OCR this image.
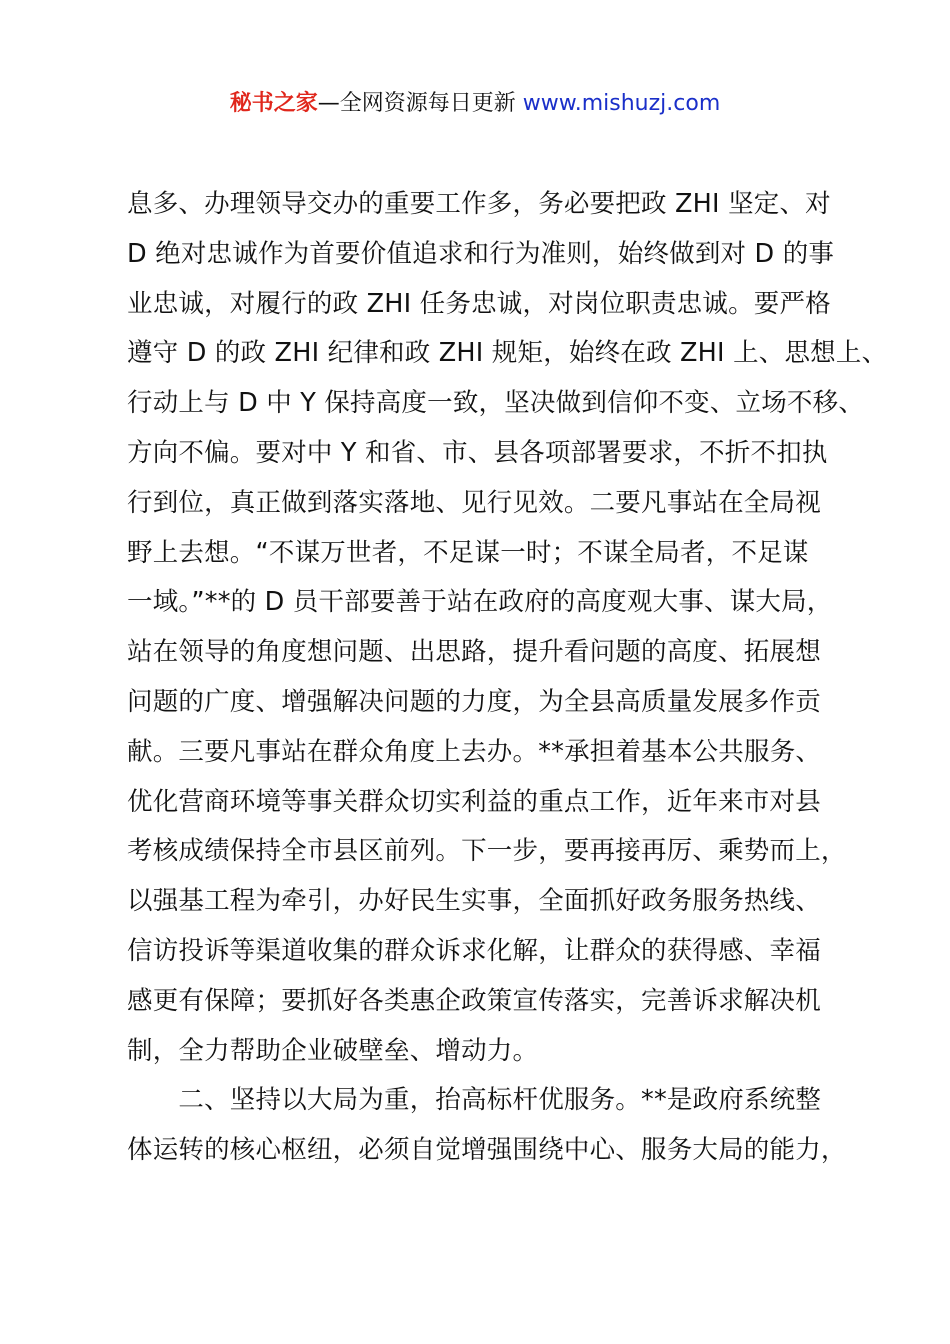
秘书之家—全网资源每日更新 www.mishuzj.com
息多、办理领导交办的重要工作多，务必要把政 ZHI 坚定、对
D 绝对忠诚作为首要价值追求和行为准则，始终做到对 D 的事
业忠诚，对履行的政 ZHI 任务忠诚，对岗位职责忠诚。要严格
遵守 D 的政 ZHI 纪律和政 ZHI 规矩，始终在政 ZHI 上、思想上、
行动上与 D 中 Y 保持高度一致，坚决做到信仰不变、立场不移、
方向不偏。要对中 Y 和省、市、县各项部署要求，不折不扣执
行到位，真正做到落实落地、见行见效。二要凡事站在全局视
野上去想。“不谋万世者，不足谋一时；不谋全局者，不足谋
一域。”**的 D 员干部要善于站在政府的高度观大事、谋大局，
站在领导的角度想问题、出思路，提升看问题的高度、拓展想
问题的广度、增强解决问题的力度，为全县高质量发展多作贡
献。三要凡事站在群众角度上去办。**承担着基本公共服务、
优化营商环境等事关群众切实利益的重点工作，近年来市对县
考核成绩保持全市县区前列。下一步，要再接再厉、乘势而上，
以强基工程为牵引，办好民生实事，全面抓好政务服务热线、
信访投诉等渠道收集的群众诉求化解，让群众的获得感、幸福
感更有保障；要抓好各类惠企政策宣传落实，完善诉求解决机
制，全力帮助企业破壁垒、增动力。
　　二、坚持以大局为重，抬高标杆优服务。**是政府系统整
体运转的核心枢纽，必须自觉增强围绕中心、服务大局的能力，
